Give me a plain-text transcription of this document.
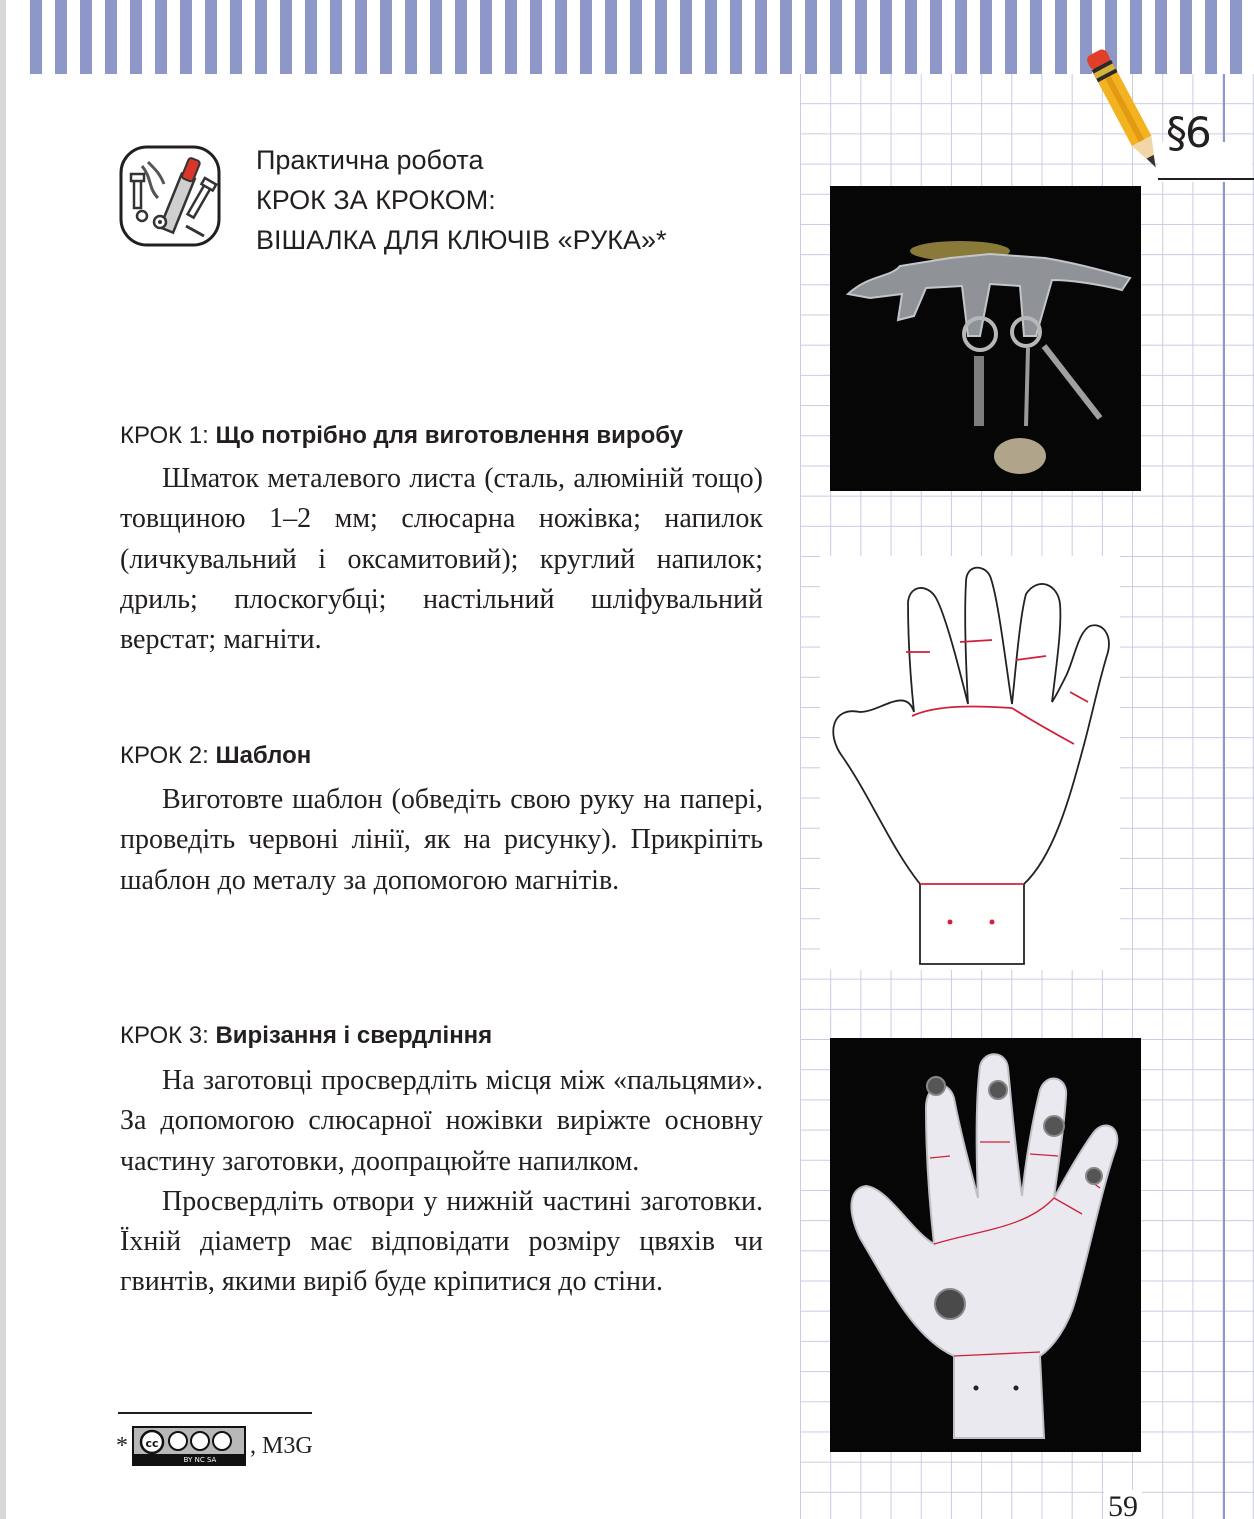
§6
Практична робота
КРОК ЗА КРОКОМ:
ВІШАЛКА ДЛЯ КЛЮЧІВ «РУКА»*
КРОК 1: Що потрібно для виготовлення виробу

Шматок металевого листа (сталь, алюміній тощо) товщиною 1–2 мм; слюсарна ножівка; напилок (личкувальний і оксамитовий); круглий напилок; дриль; плоскогубці; настільний шліфувальний верстат; магніти.

КРОК 2: Шаблон

Виготовте шаблон (обведіть свою руку на папері, проведіть червоні лінії, як на рисунку). Прикріпіть шаблон до металу за допомогою магнітів.

КРОК 3: Вирізання і свердління

На заготовці просвердліть місця між «пальцями». За допомогою слюсарної ножівки виріжте основну частину заготовки, доопрацюйте напилком.

Просвердліть отвори у нижній частині заготовки. Їхній діаметр має відповідати розміру цвяхів чи гвинтів, якими виріб буде кріпитися до стіни.

* cc
BY NC SA
, M3G
59
